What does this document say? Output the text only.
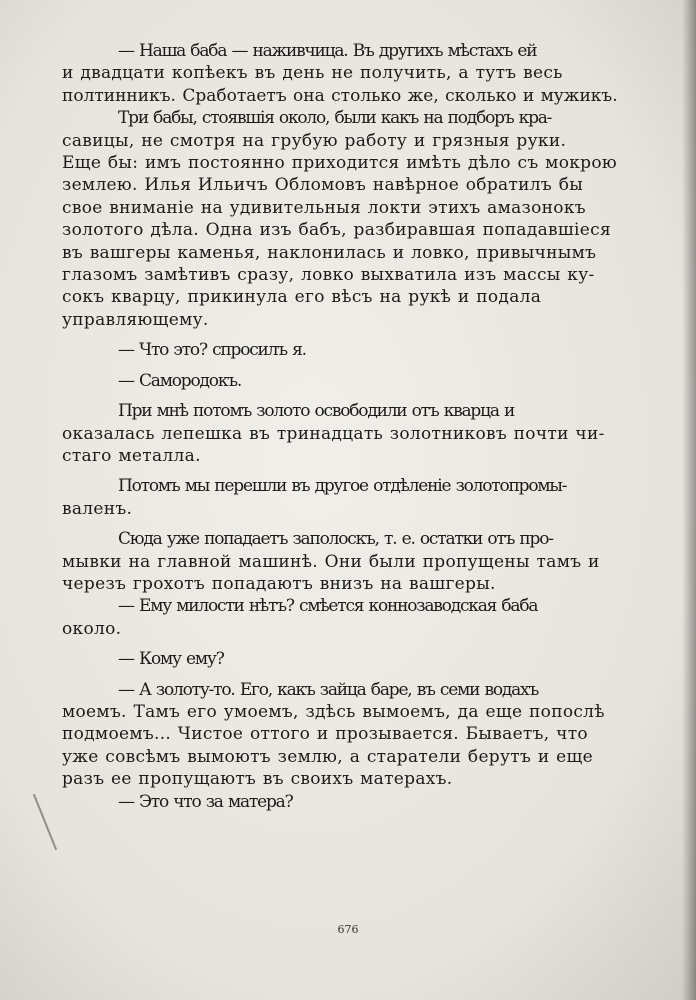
— Наша баба — наживчица. Въ другихъ мѣстахъ ей
и двадцати копѣекъ въ день не получить, а тутъ весь
полтинникъ. Сработаетъ она столько же, сколько и мужикъ.

Три бабы, стоявшія около, были какъ на подборъ кра-
савицы, не смотря на грубую работу и грязныя руки.
Еще бы: имъ постоянно приходится имѣть дѣло съ мокрою
землею. Илья Ильичъ Обломовъ навѣрное обратилъ бы
свое вниманіе на удивительныя локти этихъ амазонокъ
золотого дѣла. Одна изъ бабъ, разбиравшая попадавшіеся
въ вашгеры каменья, наклонилась и ловко, привычнымъ
глазомъ замѣтивъ сразу, ловко выхватила изъ массы ку-
сокъ кварцу, прикинула его вѣсъ на рукѣ и подала
управляющему.

— Что это? спросилъ я.

— Самородокъ.

При мнѣ потомъ золото освободили отъ кварца и
оказалась лепешка въ тринадцать золотниковъ почти чи-
стаго металла.

Потомъ мы перешли въ другое отдѣленіе золотопромы-
валенъ.

Сюда уже попадаетъ заполоскъ, т. е. остатки отъ про-
мывки на главной машинѣ. Они были пропущены тамъ и
черезъ грохотъ попадаютъ внизъ на вашгеры.

— Ему милости нѣтъ? смѣется коннозаводская баба
около.

— Кому ему?

— А золоту-то. Его, какъ зайца баре, въ семи водахъ
моемъ. Тамъ его умоемъ, здѣсь вымоемъ, да еще попослѣ
подмоемъ... Чистое оттого и прозывается. Бываетъ, что
уже совсѣмъ вымоютъ землю, а старатели берутъ и еще
разъ ее пропущаютъ въ своихъ матерахъ.

— Это что за матера?

676
